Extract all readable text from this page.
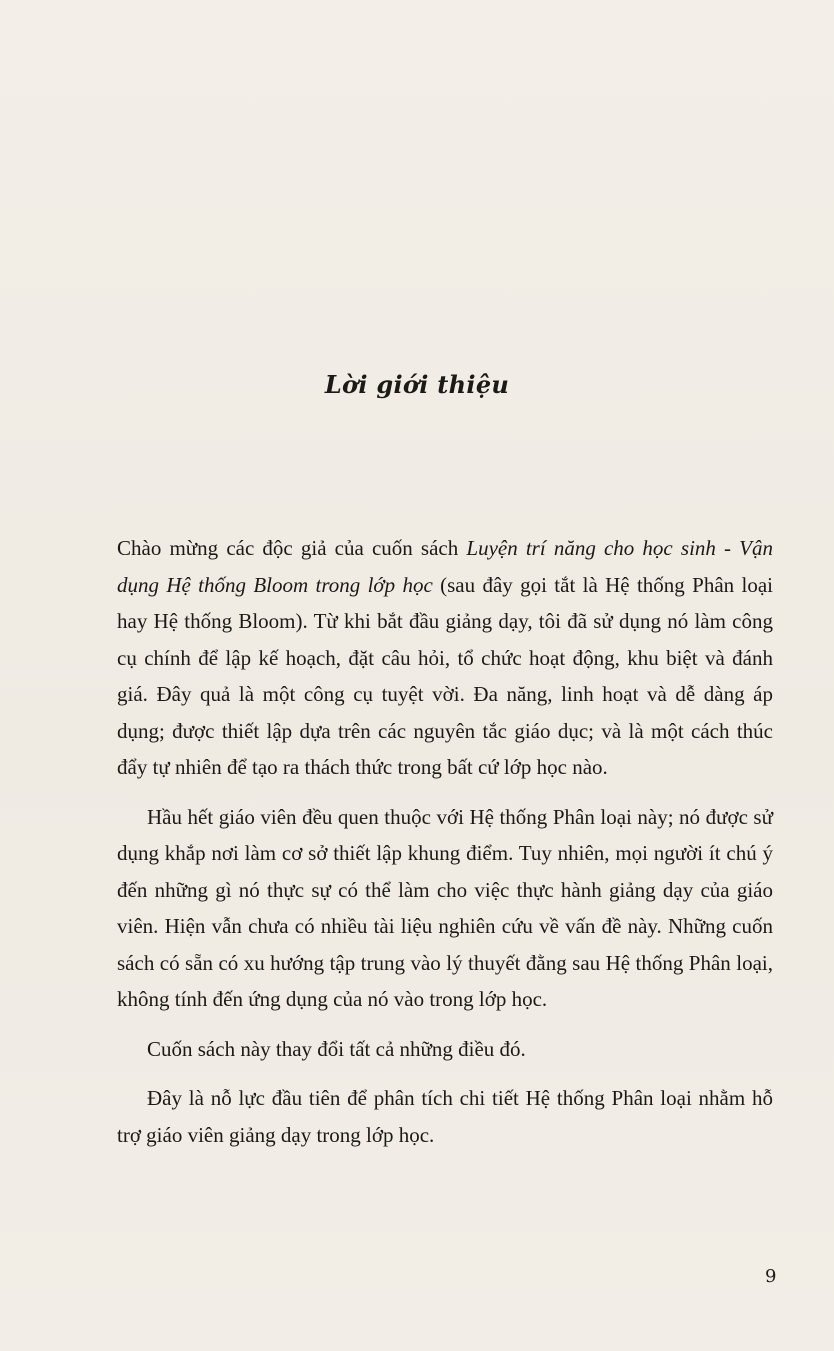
Lời giới thiệu

Chào mừng các độc giả của cuốn sách Luyện trí năng cho học sinh - Vận dụng Hệ thống Bloom trong lớp học (sau đây gọi tắt là Hệ thống Phân loại hay Hệ thống Bloom). Từ khi bắt đầu giảng dạy, tôi đã sử dụng nó làm công cụ chính để lập kế hoạch, đặt câu hỏi, tổ chức hoạt động, khu biệt và đánh giá. Đây quả là một công cụ tuyệt vời. Đa năng, linh hoạt và dễ dàng áp dụng; được thiết lập dựa trên các nguyên tắc giáo dục; và là một cách thúc đẩy tự nhiên để tạo ra thách thức trong bất cứ lớp học nào.

Hầu hết giáo viên đều quen thuộc với Hệ thống Phân loại này; nó được sử dụng khắp nơi làm cơ sở thiết lập khung điểm. Tuy nhiên, mọi người ít chú ý đến những gì nó thực sự có thể làm cho việc thực hành giảng dạy của giáo viên. Hiện vẫn chưa có nhiều tài liệu nghiên cứu về vấn đề này. Những cuốn sách có sẵn có xu hướng tập trung vào lý thuyết đằng sau Hệ thống Phân loại, không tính đến ứng dụng của nó vào trong lớp học.

Cuốn sách này thay đổi tất cả những điều đó.

Đây là nỗ lực đầu tiên để phân tích chi tiết Hệ thống Phân loại nhằm hỗ trợ giáo viên giảng dạy trong lớp học.

9
